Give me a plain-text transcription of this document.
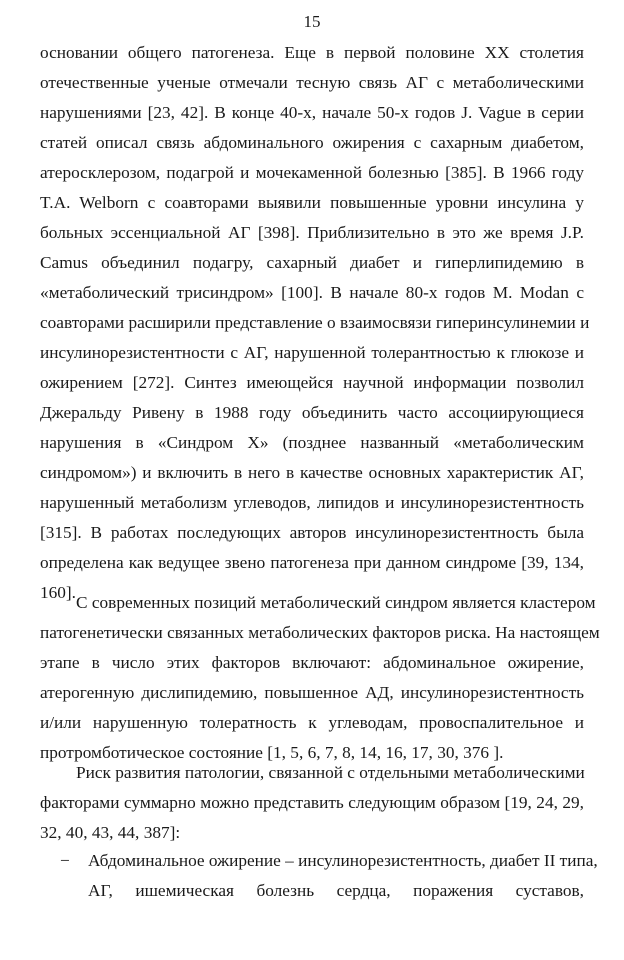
15
основании общего патогенеза. Еще в первой половине XX столетия
отечественные ученые отмечали тесную связь АГ с метаболическими
нарушениями [23, 42]. В конце 40-х, начале 50-х годов J. Vague в серии
статей описал связь абдоминального ожирения с сахарным диабетом,
атеросклерозом, подагрой и мочекаменной болезнью [385]. В 1966 году
T.A. Welborn с соавторами выявили повышенные уровни инсулина у
больных эссенциальной АГ [398]. Приблизительно в это же время J.P.
Camus объединил подагру, сахарный диабет и гиперлипидемию в
«метаболический трисиндром» [100]. В начале 80-х годов M. Modan с
соавторами расширили представление о взаимосвязи гиперинсулинемии и
инсулинорезистентности с АГ, нарушенной толерантностью к глюкозе и
ожирением [272]. Синтез имеющейся научной информации позволил
Джеральду Ривену в 1988 году объединить часто ассоциирующиеся
нарушения в «Синдром Х» (позднее названный «метаболическим
синдромом») и включить в него в качестве основных характеристик АГ,
нарушенный метаболизм углеводов, липидов и инсулинорезистентность
[315]. В работах последующих авторов инсулинорезистентность была
определена как ведущее звено патогенеза при данном синдроме [39, 134,
160].
С современных позиций метаболический синдром является кластером
патогенетически связанных метаболических факторов риска. На настоящем
этапе в число этих факторов включают: абдоминальное ожирение,
атерогенную дислипидемию, повышенное АД, инсулинорезистентность
и/или нарушенную толератность к углеводам, провоспалительное и
протромботическое состояние [1, 5, 6, 7, 8, 14, 16, 17, 30, 376 ].
Риск развития патологии, связанной с отдельными метаболическими
факторами суммарно можно представить следующим образом [19, 24, 29,
32, 40, 43, 44, 387]:
−	Абдоминальное ожирение – инсулинорезистентность, диабет II типа,
АГ, ишемическая болезнь сердца, поражения суставов,
